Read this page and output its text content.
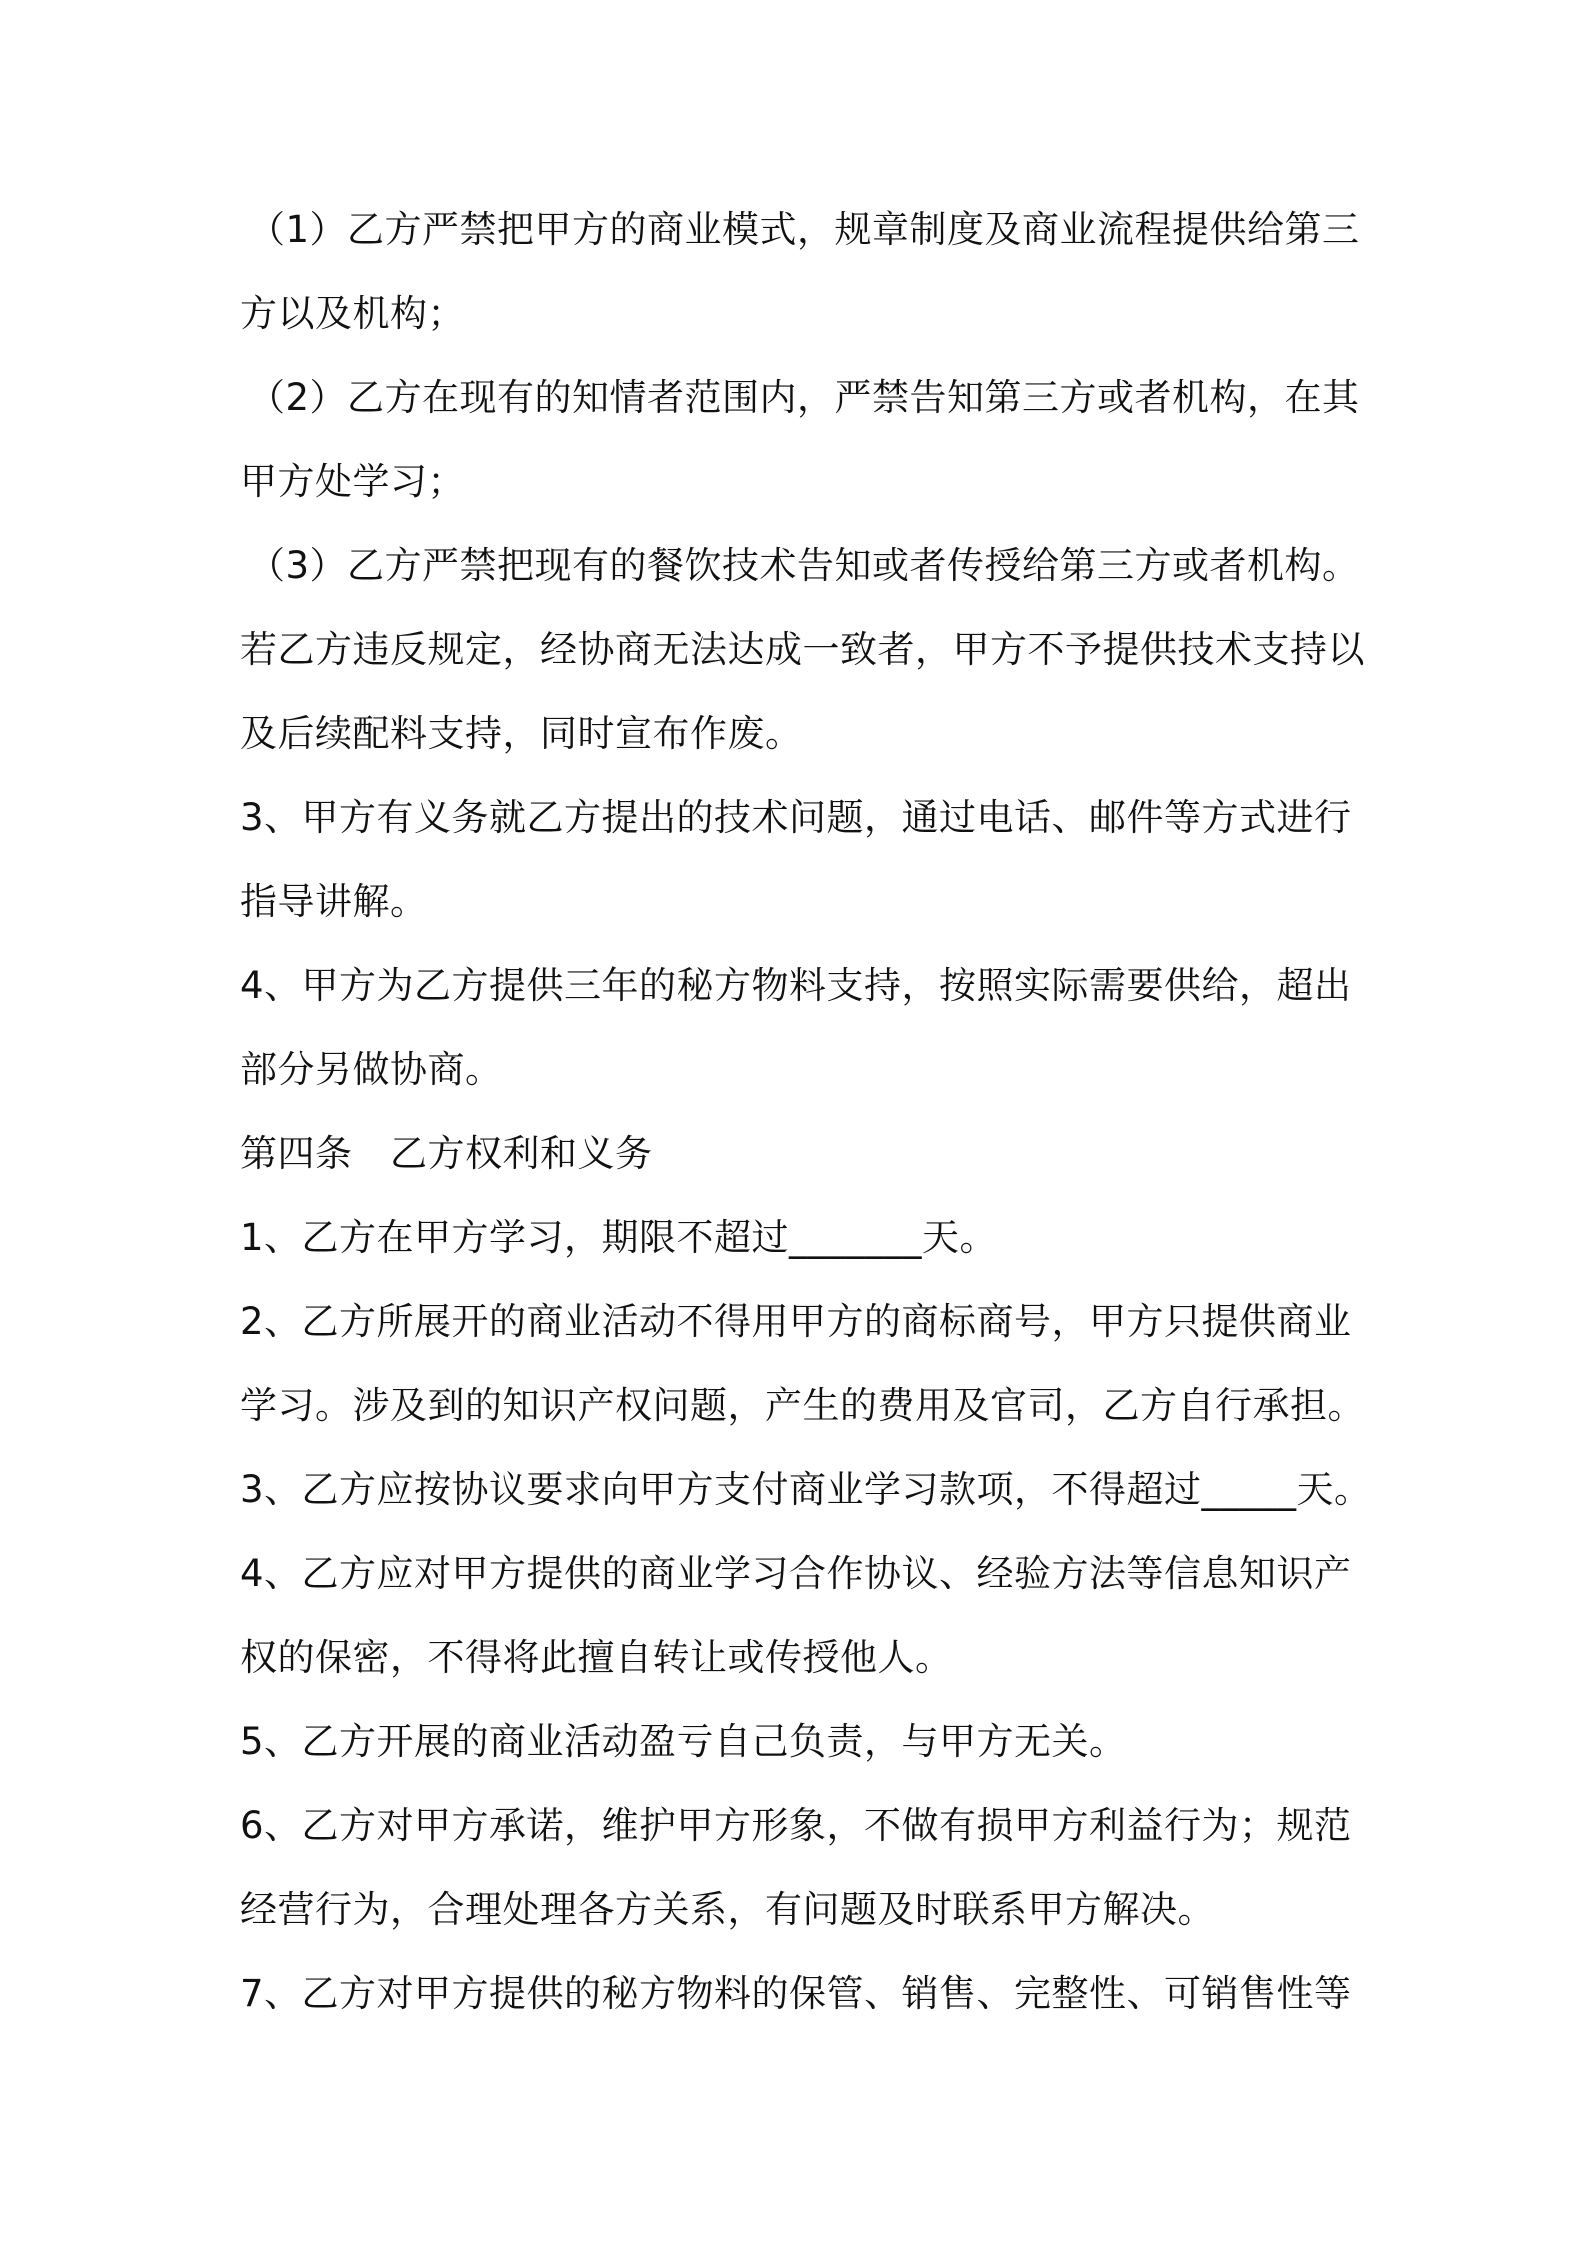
（1）乙方严禁把甲方的商业模式，规章制度及商业流程提供给第三
方以及机构；
（2）乙方在现有的知情者范围内，严禁告知第三方或者机构，在其
甲方处学习；
（3）乙方严禁把现有的餐饮技术告知或者传授给第三方或者机构。
若乙方违反规定，经协商无法达成一致者，甲方不予提供技术支持以
及后续配料支持，同时宣布作废。
3、甲方有义务就乙方提出的技术问题，通过电话、邮件等方式进行
指导讲解。
4、甲方为乙方提供三年的秘方物料支持，按照实际需要供给，超出
部分另做协商。
第四条　乙方权利和义务
1、乙方在甲方学习，期限不超过_______天。
2、乙方所展开的商业活动不得用甲方的商标商号，甲方只提供商业
学习。涉及到的知识产权问题，产生的费用及官司，乙方自行承担。
3、乙方应按协议要求向甲方支付商业学习款项，不得超过_____天。
4、乙方应对甲方提供的商业学习合作协议、经验方法等信息知识产
权的保密，不得将此擅自转让或传授他人。
5、乙方开展的商业活动盈亏自己负责，与甲方无关。
6、乙方对甲方承诺，维护甲方形象，不做有损甲方利益行为；规范
经营行为，合理处理各方关系，有问题及时联系甲方解决。
7、乙方对甲方提供的秘方物料的保管、销售、完整性、可销售性等
